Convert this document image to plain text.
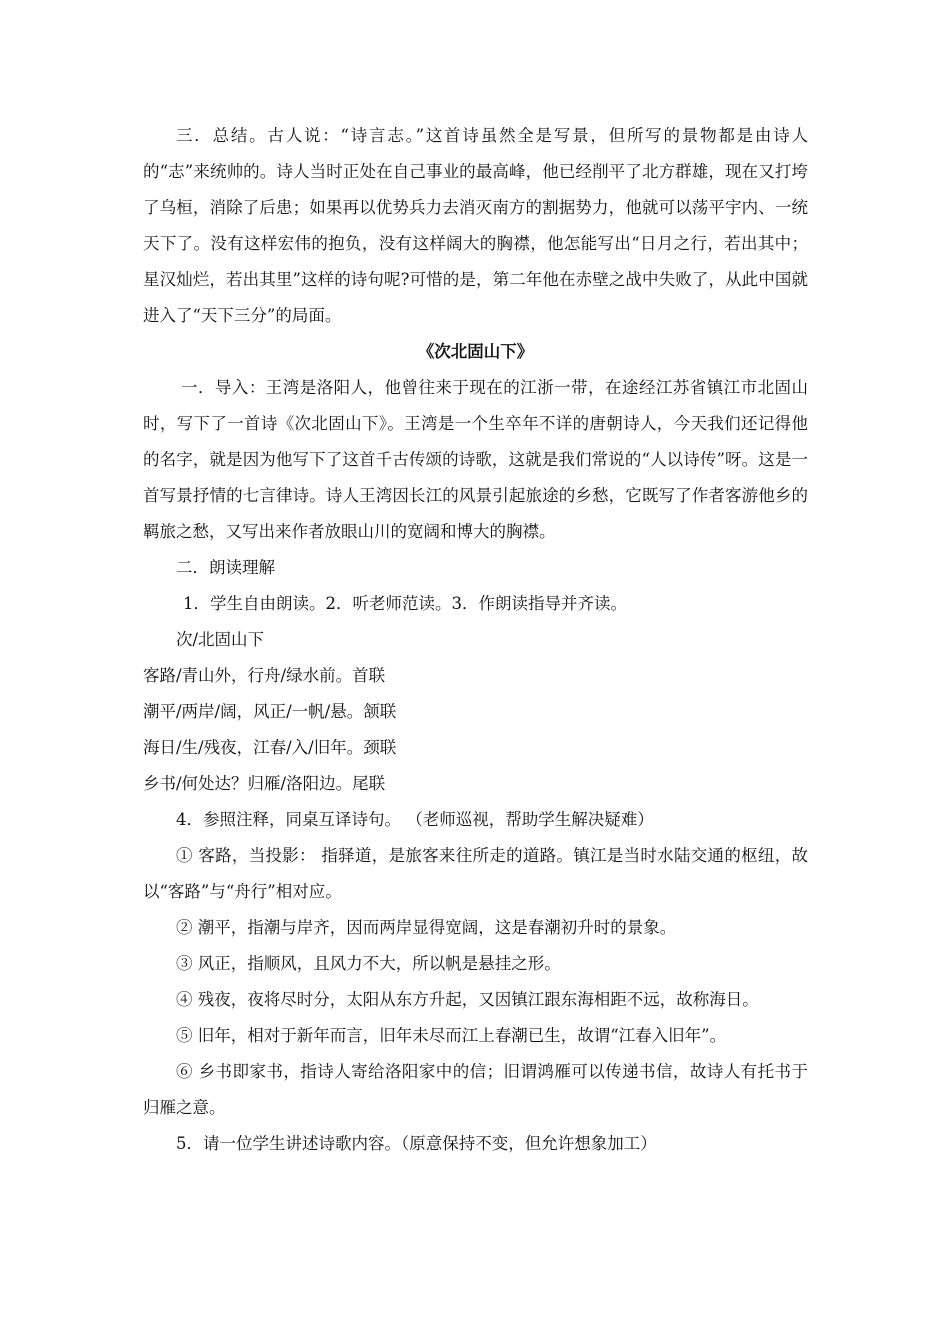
三．总结。古人说：“诗言志。”这首诗虽然全是写景，但所写的景物都是由诗人的“志”来统帅的。诗人当时正处在自己事业的最高峰，他已经削平了北方群雄，现在又打垮了乌桓，消除了后患；如果再以优势兵力去消灭南方的割据势力，他就可以荡平宇内、一统天下了。没有这样宏伟的抱负，没有这样阔大的胸襟，他怎能写出“日月之行，若出其中；星汉灿烂，若出其里”这样的诗句呢?可惜的是，第二年他在赤壁之战中失败了，从此中国就进入了“天下三分”的局面。

《次北固山下》

一．导入：王湾是洛阳人，他曾往来于现在的江浙一带，在途经江苏省镇江市北固山时，写下了一首诗《次北固山下》。王湾是一个生卒年不详的唐朝诗人，今天我们还记得他的名字，就是因为他写下了这首千古传颂的诗歌，这就是我们常说的“人以诗传”呀。这是一首写景抒情的七言律诗。诗人王湾因长江的风景引起旅途的乡愁，它既写了作者客游他乡的羁旅之愁，又写出来作者放眼山川的宽阔和博大的胸襟。

二．朗读理解

1．学生自由朗读。2．听老师范读。3．作朗读指导并齐读。

次/北固山下

客路/青山外，行舟/绿水前。首联

潮平/两岸/阔，风正/一帆/悬。颔联

海日/生/残夜，江春/入/旧年。颈联

乡书/何处达？归雁/洛阳边。尾联

4．参照注释，同桌互译诗句。 （老师巡视，帮助学生解决疑难）

① 客路，当投影： 指驿道，是旅客来往所走的道路。镇江是当时水陆交通的枢纽，故以“客路”与“舟行”相对应。

② 潮平，指潮与岸齐，因而两岸显得宽阔，这是春潮初升时的景象。

③ 风正，指顺风，且风力不大，所以帆是悬挂之形。

④ 残夜，夜将尽时分，太阳从东方升起，又因镇江跟东海相距不远，故称海日。

⑤ 旧年，相对于新年而言，旧年未尽而江上春潮已生，故谓“江春入旧年”。

⑥ 乡书即家书，指诗人寄给洛阳家中的信；旧谓鸿雁可以传递书信，故诗人有托书于归雁之意。

5．请一位学生讲述诗歌内容。（原意保持不变，但允许想象加工）
